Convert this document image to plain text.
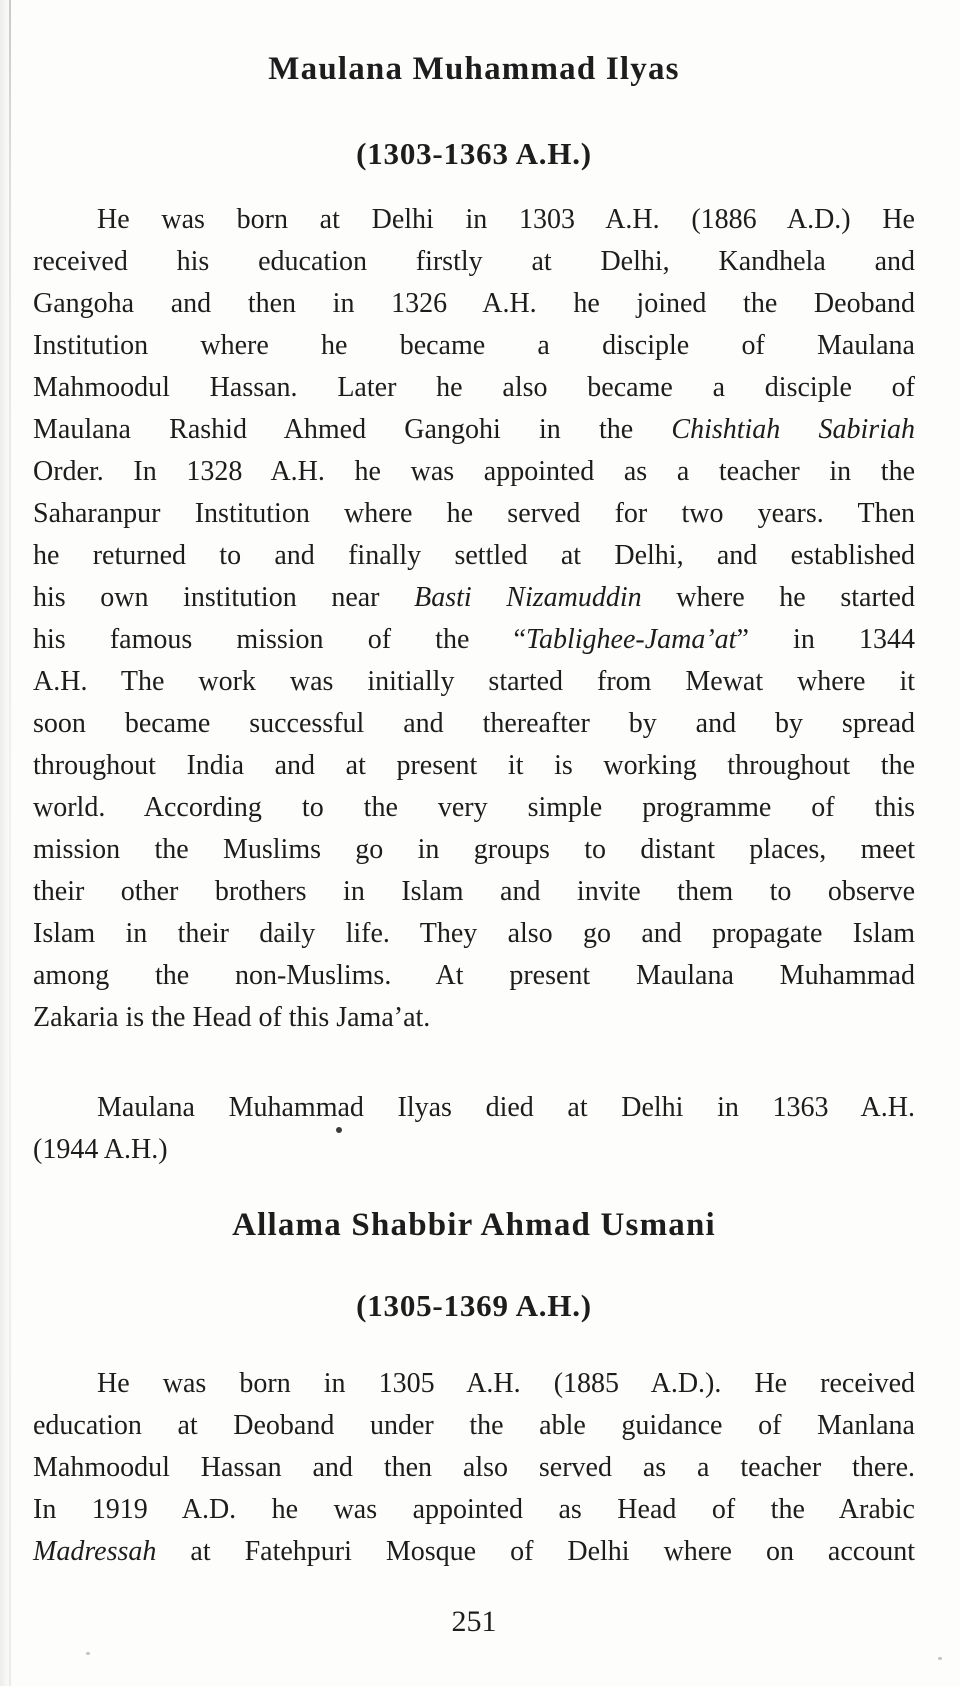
Maulana Muhammad Ilyas
(1303-1363 A.H.)
He was born at Delhi in 1303 A.H. (1886 A.D.) He
received his education firstly at Delhi, Kandhela and
Gangoha and then in 1326 A.H. he joined the Deoband
Institution where he became a disciple of Maulana
Mahmoodul Hassan. Later he also became a disciple of
Maulana Rashid Ahmed Gangohi in the Chishtiah Sabiriah
Order. In 1328 A.H. he was appointed as a teacher in the
Saharanpur Institution where he served for two years. Then
he returned to and finally settled at Delhi, and established
his own institution near Basti Nizamuddin where he started
his famous mission of the “Tablighee-Jama’at” in 1344
A.H. The work was initially started from Mewat where it
soon became successful and thereafter by and by spread
throughout India and at present it is working throughout the
world. According to the very simple programme of this
mission the Muslims go in groups to distant places, meet
their other brothers in Islam and invite them to observe
Islam in their daily life. They also go and propagate Islam
among the non-Muslims. At present Maulana Muhammad
Zakaria is the Head of this Jama’at.
Maulana Muhammad Ilyas died at Delhi in 1363 A.H.
(1944 A.H.)
Allama Shabbir Ahmad Usmani
(1305-1369 A.H.)
He was born in 1305 A.H. (1885 A.D.). He received
education at Deoband under the able guidance of Manlana
Mahmoodul Hassan and then also served as a teacher there.
In 1919 A.D. he was appointed as Head of the Arabic
Madressah at Fatehpuri Mosque of Delhi where on account
251
